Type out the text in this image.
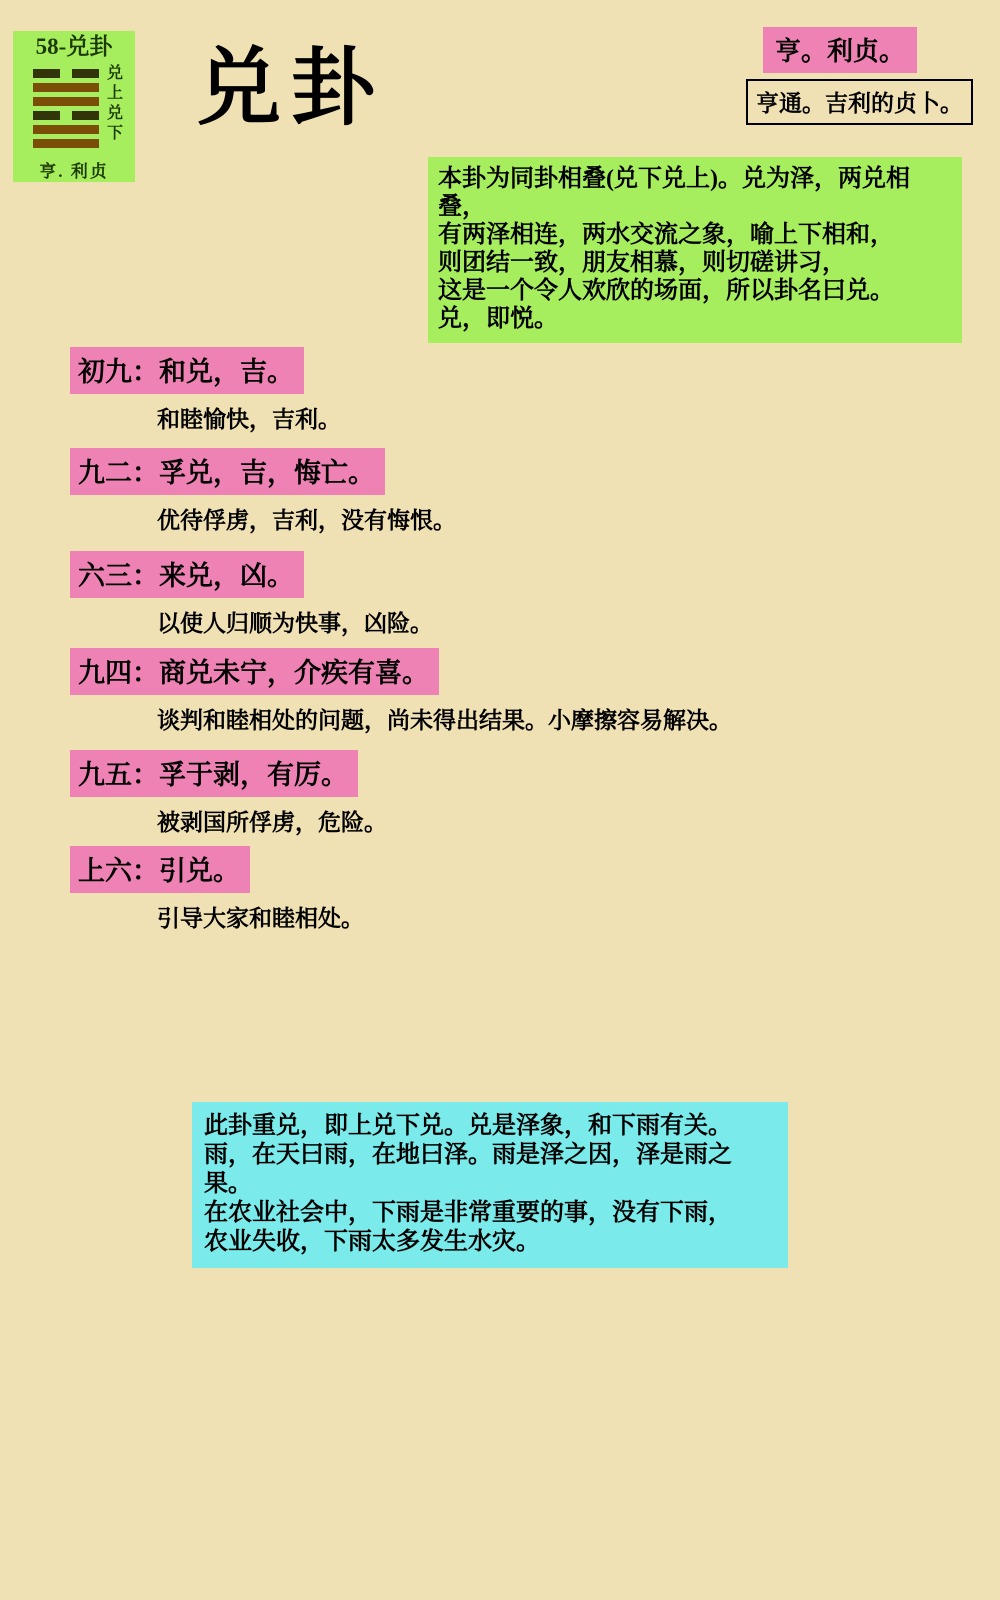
58-兑卦
兑上兑下
亨. 利贞
兑卦	亨。利贞。
亨通。吉利的贞卜。
本卦为同卦相叠(兑下兑上)。兑为泽，两兑相叠，
有两泽相连，两水交流之象，喻上下相和，
则团结一致，朋友相慕，则切磋讲习，
这是一个令人欢欣的场面，所以卦名曰兑。
兑，即悦。
初九：和兑，吉。
和睦愉快，吉利。
九二：孚兑，吉，悔亡。
优待俘虏，吉利，没有悔恨。
六三：来兑，凶。
以使人归顺为快事，凶险。
九四：商兑未宁，介疾有喜。
谈判和睦相处的问题，尚未得出结果。小摩擦容易解决。
九五：孚于剥，有厉。
被剥国所俘虏，危险。
上六：引兑。
引导大家和睦相处。
此卦重兑，即上兑下兑。兑是泽象，和下雨有关。
雨，在天曰雨，在地曰泽。雨是泽之因，泽是雨之果。
在农业社会中，下雨是非常重要的事，没有下雨，
农业失收，下雨太多发生水灾。
